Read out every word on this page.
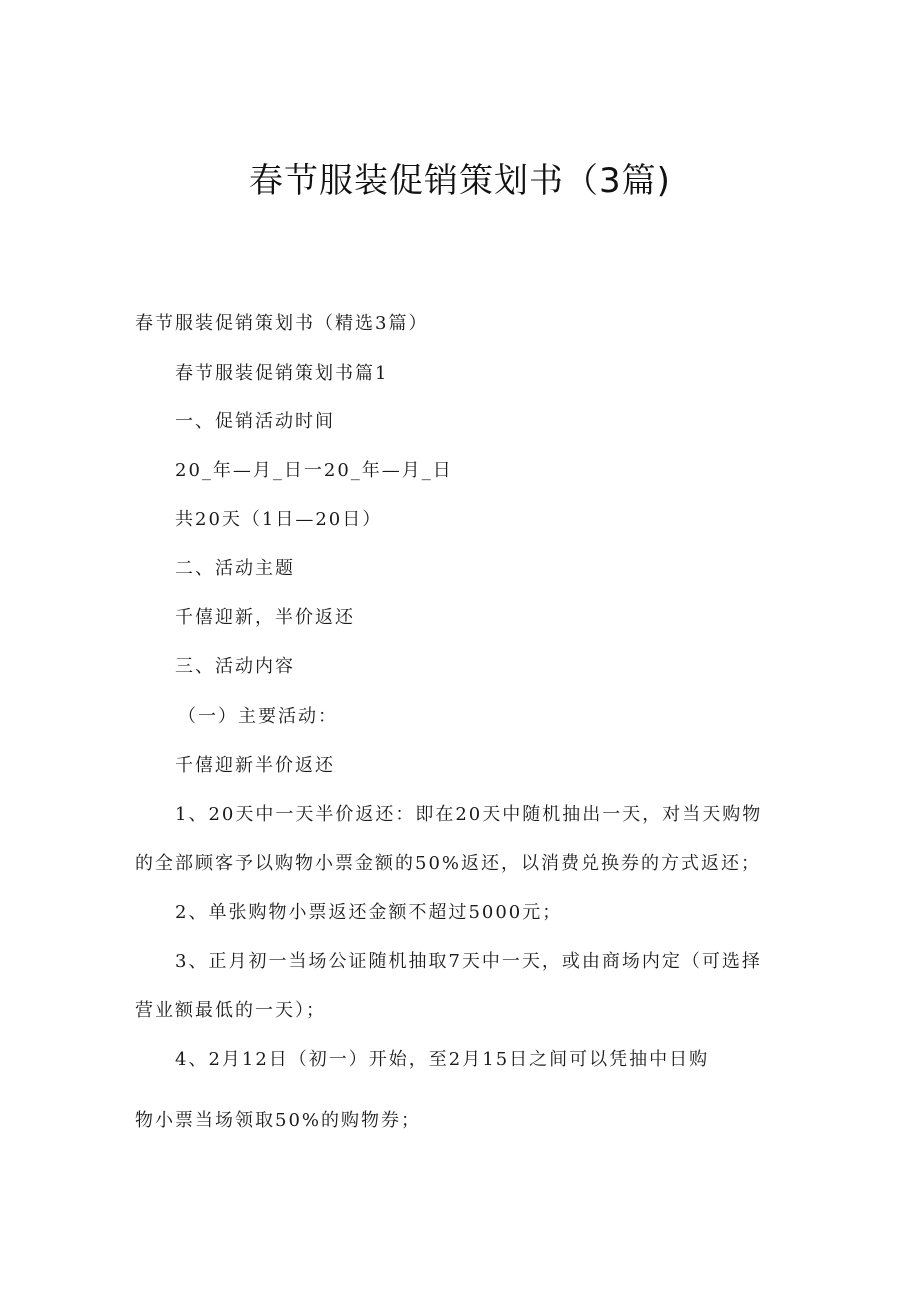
春节服装促销策划书（3篇)

春节服装促销策划书（精选3篇）

春节服装促销策划书篇1

一、促销活动时间

20_年—月_日一20_年—月_日

共20天（1日—20日）

二、活动主题

千僖迎新，半价返还

三、活动内容

（一）主要活动：

千僖迎新半价返还

1、20天中一天半价返还：即在20天中随机抽出一天，对当天购物

的全部顾客予以购物小票金额的50%返还，以消费兑换券的方式返还；

2、单张购物小票返还金额不超过5000元；

3、正月初一当场公证随机抽取7天中一天，或由商场内定（可选择

营业额最低的一天）；

4、2月12日（初一）开始，至2月15日之间可以凭抽中日购

物小票当场领取50%的购物券；
